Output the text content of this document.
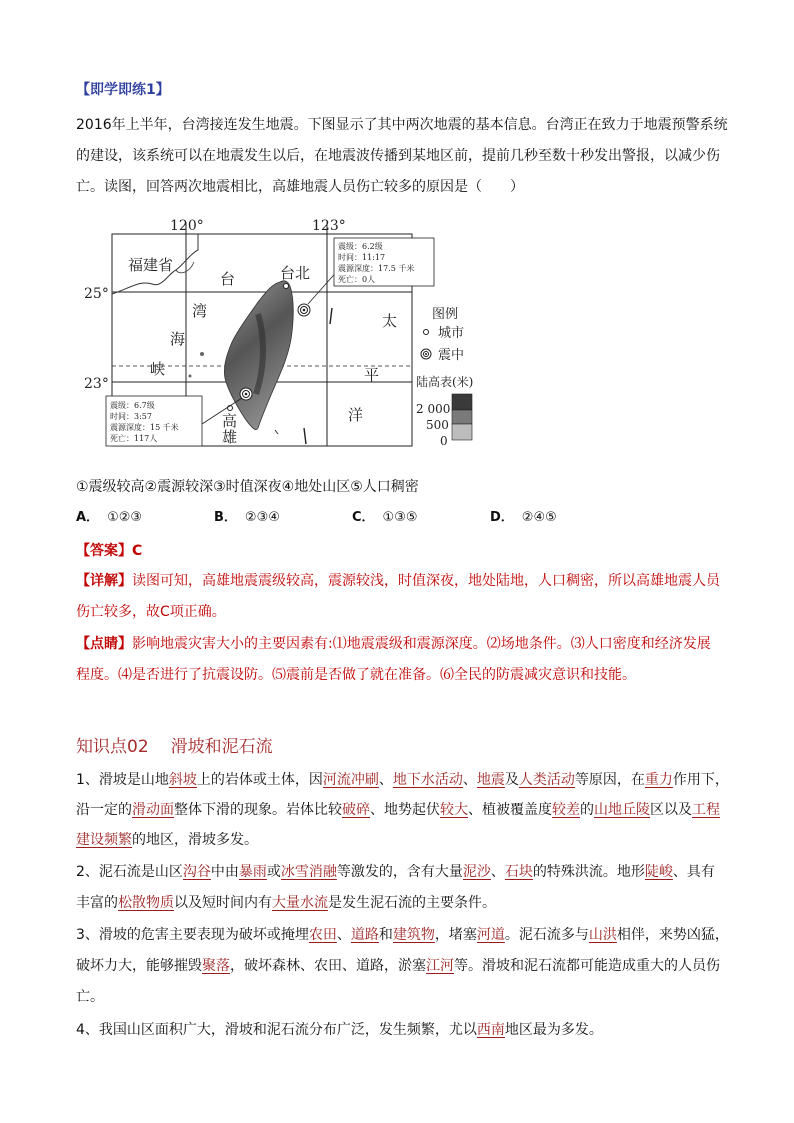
【即学即练1】
2016年上半年，台湾接连发生地震。下图显示了其中两次地震的基本信息。台湾正在致力于地震预警系统
的建设，该系统可以在地震发生以后，在地震波传播到某地区前，提前几秒至数十秒发出警报，以减少伤
亡。读图，回答两次地震相比，高雄地震人员伤亡较多的原因是（　　）
120°	123°
25°
23°
福建省
台
湾
海
峡
台北
高
雄
太
平
洋
震级：6.2级
时间：11:17
震源深度：17.5 千米
死亡：0人
震级：6.7级
时间：3:57
震源深度：15 千米
死亡：117人
图例
城市
震中
陆高表(米)
2 000
500
0
①震级较高②震源较深③时值深夜④地处山区⑤人口稠密
A． ①②③	B． ②③④	C． ①③⑤	D． ②④⑤
【答案】C
【详解】读图可知，高雄地震震级较高，震源较浅，时值深夜，地处陆地，人口稠密，所以高雄地震人员
伤亡较多，故C项正确。
【点睛】影响地震灾害大小的主要因素有:⑴地震震级和震源深度。⑵场地条件。⑶人口密度和经济发展
程度。⑷是否进行了抗震设防。⑸震前是否做了就在准备。⑹全民的防震减灾意识和技能。
知识点02 滑坡和泥石流
1、滑坡是山地斜坡上的岩体或土体，因河流冲刷、地下水活动、地震及人类活动等原因，在重力作用下，
沿一定的滑动面整体下滑的现象。岩体比较破碎、地势起伏较大、植被覆盖度较差的山地丘陵区以及工程
建设频繁的地区，滑坡多发。
2、泥石流是山区沟谷中由暴雨或冰雪消融等激发的，含有大量泥沙、石块的特殊洪流。地形陡峻、具有
丰富的松散物质以及短时间内有大量水流是发生泥石流的主要条件。
3、滑坡的危害主要表现为破坏或掩埋农田、道路和建筑物，堵塞河道。泥石流多与山洪相伴，来势凶猛，
破坏力大，能够摧毁聚落，破坏森林、农田、道路，淤塞江河等。滑坡和泥石流都可能造成重大的人员伤
亡。
4、我国山区面积广大，滑坡和泥石流分布广泛，发生频繁，尤以西南地区最为多发。
